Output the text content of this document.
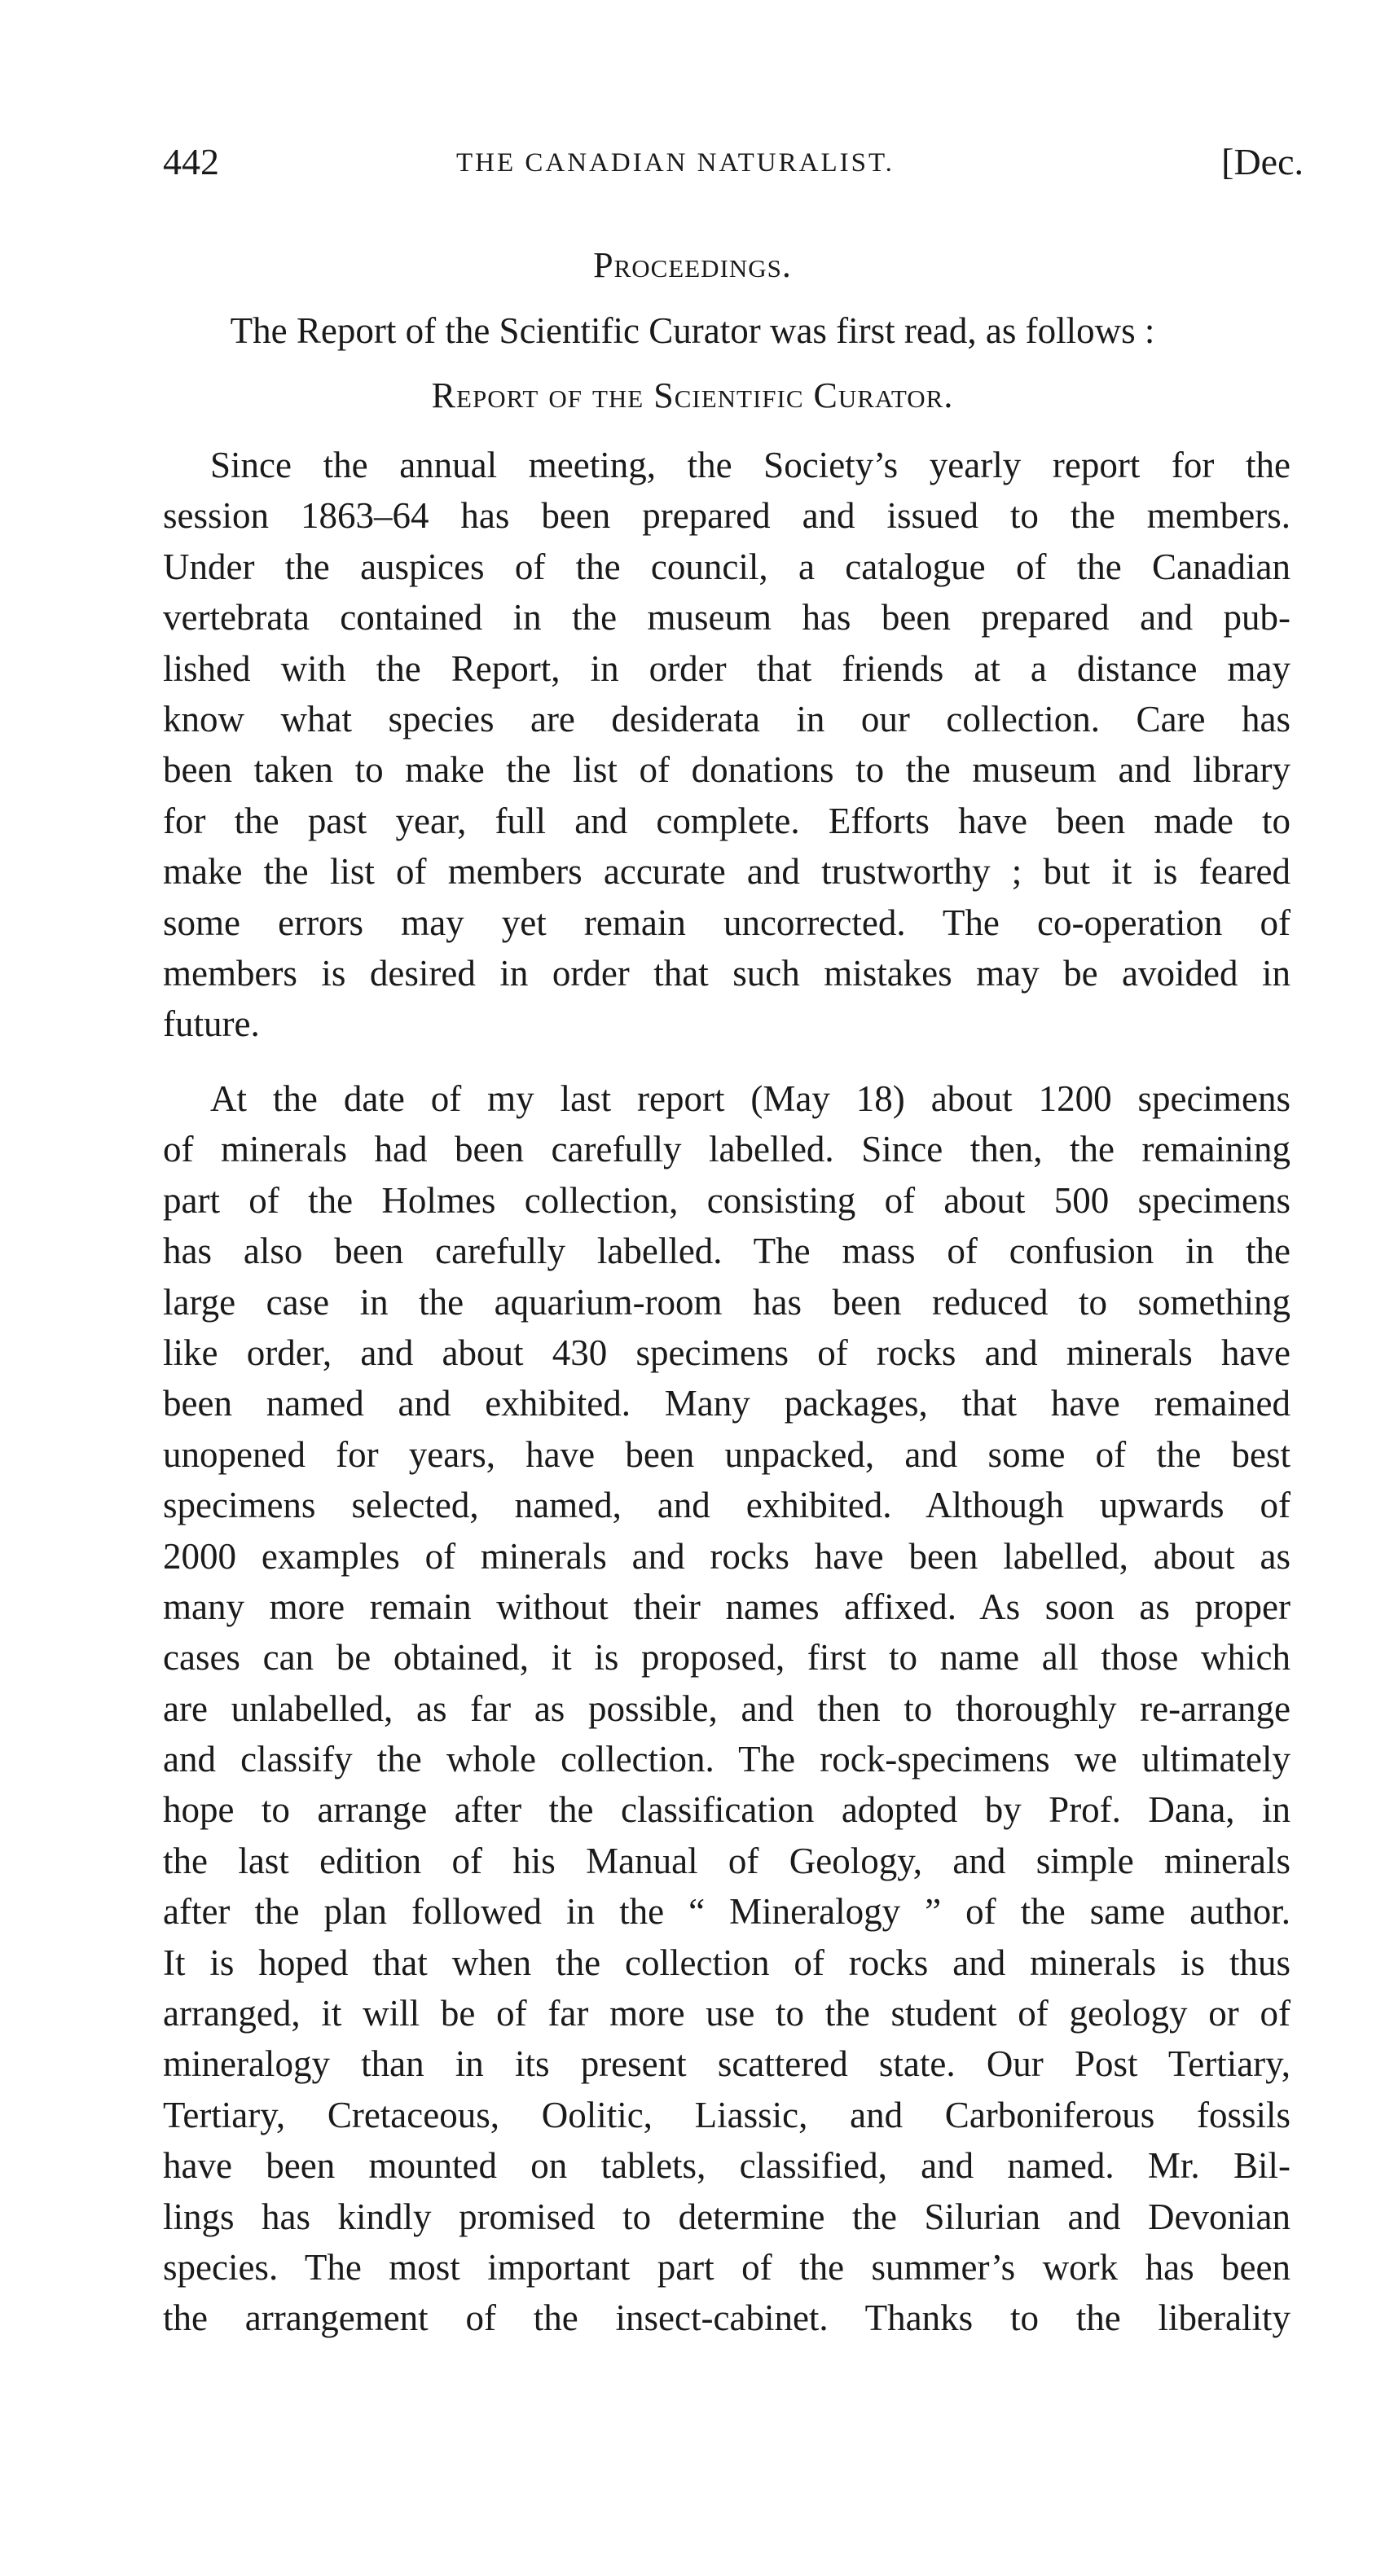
442	THE CANADIAN NATURALIST.	[Dec.
Proceedings.
The Report of the Scientific Curator was first read, as follows :
Report of the Scientific Curator.
Since the annual meeting, the Society’s yearly report for the
session 1863–64 has been prepared and issued to the members.
Under the auspices of the council, a catalogue of the Canadian
vertebrata contained in the museum has been prepared and pub-
lished with the Report, in order that friends at a distance may
know what species are desiderata in our collection. Care has
been taken to make the list of donations to the museum and library
for the past year, full and complete. Efforts have been made to
make the list of members accurate and trustworthy ; but it is feared
some errors may yet remain uncorrected. The co-operation of
members is desired in order that such mistakes may be avoided in
future.
At the date of my last report (May 18) about 1200 specimens
of minerals had been carefully labelled. Since then, the remaining
part of the Holmes collection, consisting of about 500 specimens
has also been carefully labelled. The mass of confusion in the
large case in the aquarium-room has been reduced to something
like order, and about 430 specimens of rocks and minerals have
been named and exhibited. Many packages, that have remained
unopened for years, have been unpacked, and some of the best
specimens selected, named, and exhibited. Although upwards of
2000 examples of minerals and rocks have been labelled, about as
many more remain without their names affixed. As soon as proper
cases can be obtained, it is proposed, first to name all those which
are unlabelled, as far as possible, and then to thoroughly re-arrange
and classify the whole collection. The rock-specimens we ultimately
hope to arrange after the classification adopted by Prof. Dana, in
the last edition of his Manual of Geology, and simple minerals
after the plan followed in the “ Mineralogy ” of the same author.
It is hoped that when the collection of rocks and minerals is thus
arranged, it will be of far more use to the student of geology or of
mineralogy than in its present scattered state. Our Post Tertiary,
Tertiary, Cretaceous, Oolitic, Liassic, and Carboniferous fossils
have been mounted on tablets, classified, and named. Mr. Bil-
lings has kindly promised to determine the Silurian and Devonian
species. The most important part of the summer’s work has been
the arrangement of the insect-cabinet. Thanks to the liberality
